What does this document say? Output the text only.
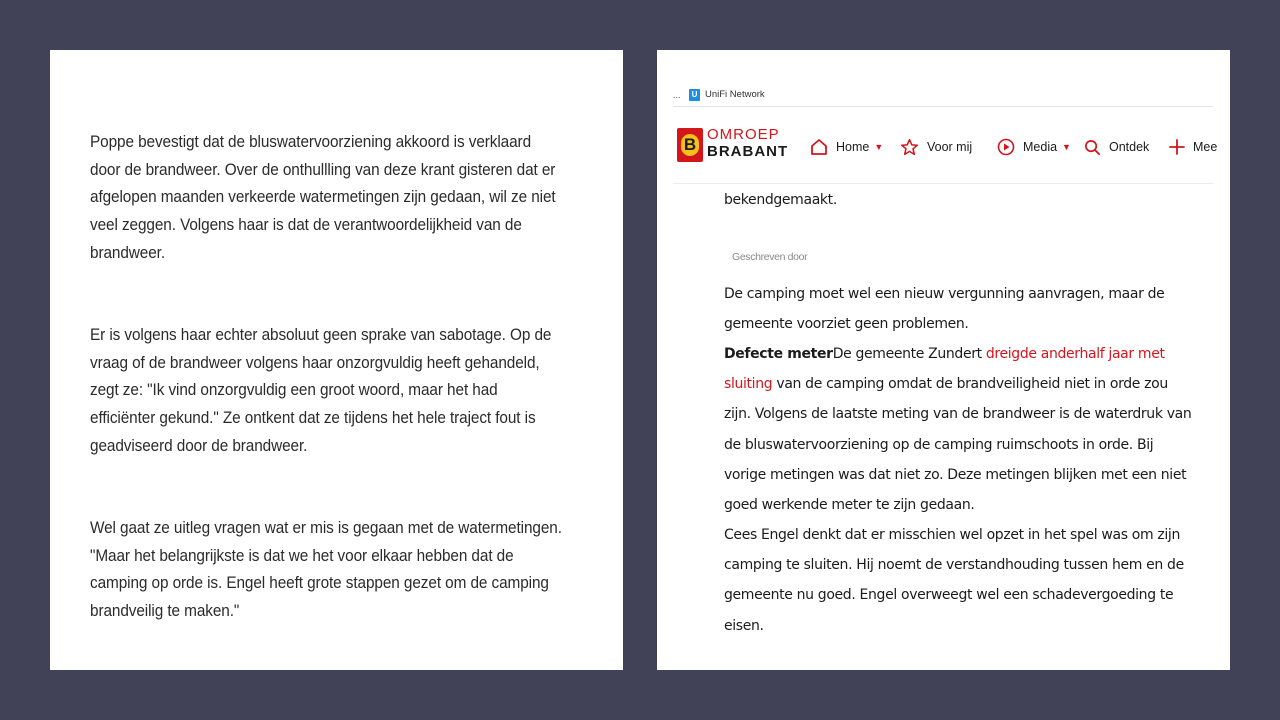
Poppe bevestigt dat de bluswatervoorziening akkoord is verklaard door de brandweer. Over de onthullling van deze krant gisteren dat er afgelopen maanden verkeerde watermetingen zijn gedaan, wil ze niet veel zeggen. Volgens haar is dat de verantwoordelijkheid van de brandweer.
Er is volgens haar echter absoluut geen sprake van sabotage. Op de vraag of de brandweer volgens haar onzorgvuldig heeft gehandeld, zegt ze: "Ik vind onzorgvuldig een groot woord, maar het had efficiënter gekund." Ze ontkent dat ze tijdens het hele traject fout is geadviseerd door de brandweer.
Wel gaat ze uitleg vragen wat er mis is gegaan met de watermetingen. "Maar het belangrijkste is dat we het voor elkaar hebben dat de camping op orde is. Engel heeft grote stappen gezet om de camping brandveilig te maken."
...	U UniFi Network
B
OMROEP
BRABANT	Home ▼	Voor mij	Media ▼	Ontdek	Mee
bekendgemaakt.
Geschreven door
De camping moet wel een nieuw vergunning aanvragen, maar de gemeente voorziet geen problemen.
Defecte meterDe gemeente Zundert dreigde anderhalf jaar met sluiting van de camping omdat de brandveiligheid niet in orde zou zijn. Volgens de laatste meting van de brandweer is de waterdruk van de bluswatervoorziening op de camping ruimschoots in orde. Bij vorige metingen was dat niet zo. Deze metingen blijken met een niet goed werkende meter te zijn gedaan.
Cees Engel denkt dat er misschien wel opzet in het spel was om zijn camping te sluiten. Hij noemt de verstandhouding tussen hem en de gemeente nu goed. Engel overweegt wel een schadevergoeding te eisen.
